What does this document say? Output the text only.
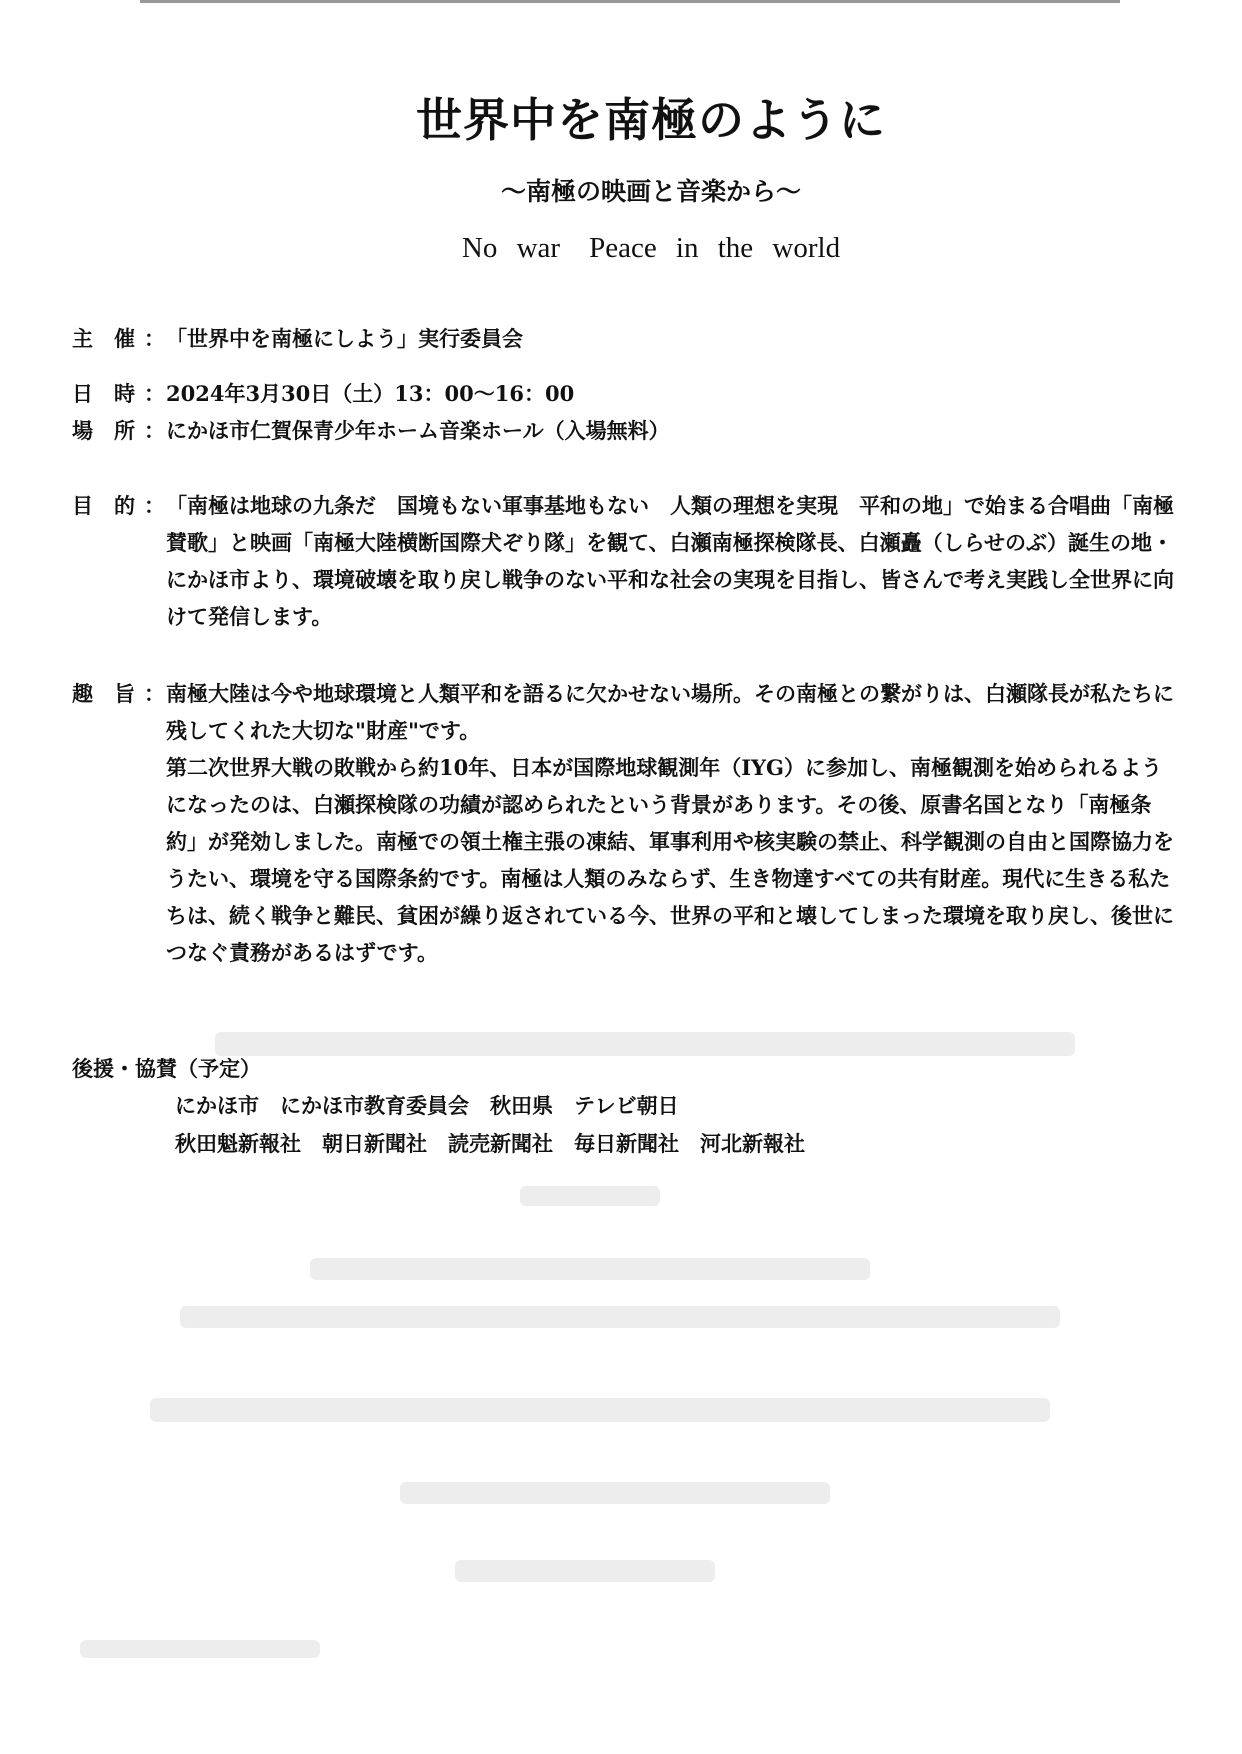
世界中を南極のように
～南極の映画と音楽から～
No war　Peace in the world
主 催 ： 「世界中を南極にしよう」実行委員会
日 時 ： 2024年3月30日（土）13：00～16：00
場 所 ： にかほ市仁賀保青少年ホーム音楽ホール（入場無料）
目 的 ： 「南極は地球の九条だ　国境もない軍事基地もない　人類の理想を実現　平和の地」で始まる合唱曲「南極賛歌」と映画「南極大陸横断国際犬ぞり隊」を観て、白瀬南極探検隊長、白瀬矗（しらせのぶ）誕生の地・にかほ市より、環境破壊を取り戻し戦争のない平和な社会の実現を目指し、皆さんで考え実践し全世界に向けて発信します。
趣 旨 ： 南極大陸は今や地球環境と人類平和を語るに欠かせない場所。その南極との繋がりは、白瀬隊長が私たちに残してくれた大切な"財産"です。

第二次世界大戦の敗戦から約10年、日本が国際地球観測年（IYG）に参加し、南極観測を始められるようになったのは、白瀬探検隊の功績が認められたという背景があります。その後、原書名国となり「南極条約」が発効しました。南極での領土権主張の凍結、軍事利用や核実験の禁止、科学観測の自由と国際協力をうたい、環境を守る国際条約です。南極は人類のみならず、生き物達すべての共有財産。現代に生きる私たちは、続く戦争と難民、貧困が繰り返されている今、世界の平和と壊してしまった環境を取り戻し、後世につなぐ責務があるはずです。

後援・協賛（予定）
にかほ市　にかほ市教育委員会　秋田県　テレビ朝日
秋田魁新報社　朝日新聞社　読売新聞社　毎日新聞社　河北新報社
